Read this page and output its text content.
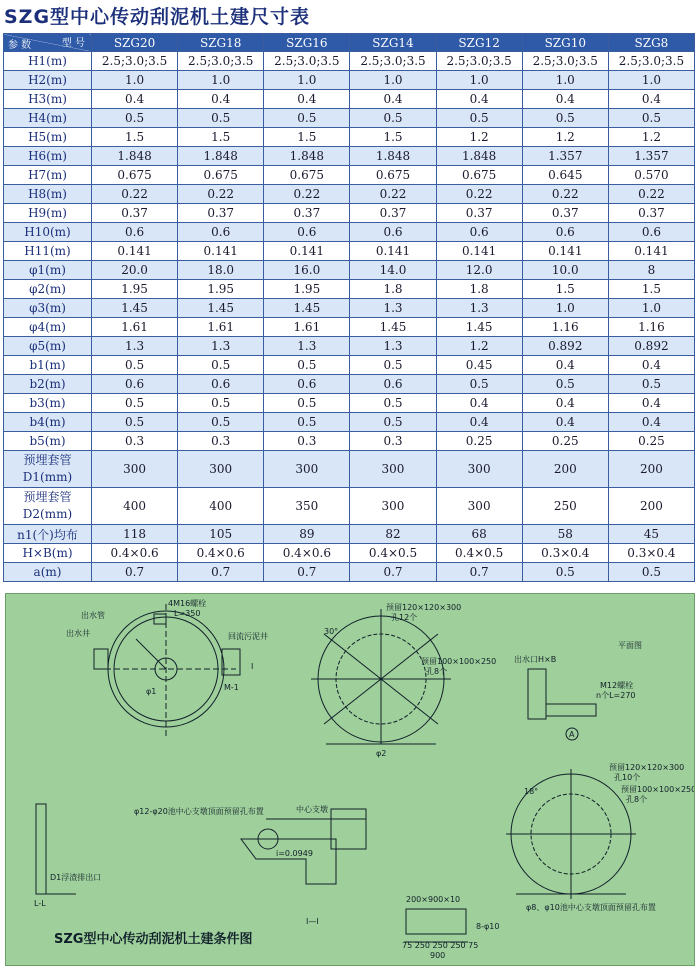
SZG型中心传动刮泥机土建尺寸表
型 号
参 数	SZG20	SZG18	SZG16	SZG14	SZG12	SZG10	SZG8
H1(m)	2.5;3.0;3.5	2.5;3.0;3.5	2.5;3.0;3.5	2.5;3.0;3.5	2.5;3.0;3.5	2.5;3.0;3.5	2.5;3.0;3.5
H2(m)	1.0	1.0	1.0	1.0	1.0	1.0	1.0
H3(m)	0.4	0.4	0.4	0.4	0.4	0.4	0.4
H4(m)	0.5	0.5	0.5	0.5	0.5	0.5	0.5
H5(m)	1.5	1.5	1.5	1.5	1.2	1.2	1.2
H6(m)	1.848	1.848	1.848	1.848	1.848	1.357	1.357
H7(m)	0.675	0.675	0.675	0.675	0.675	0.645	0.570
H8(m)	0.22	0.22	0.22	0.22	0.22	0.22	0.22
H9(m)	0.37	0.37	0.37	0.37	0.37	0.37	0.37
H10(m)	0.6	0.6	0.6	0.6	0.6	0.6	0.6
H11(m)	0.141	0.141	0.141	0.141	0.141	0.141	0.141
φ1(m)	20.0	18.0	16.0	14.0	12.0	10.0	8
φ2(m)	1.95	1.95	1.95	1.8	1.8	1.5	1.5
φ3(m)	1.45	1.45	1.45	1.3	1.3	1.0	1.0
φ4(m)	1.61	1.61	1.61	1.45	1.45	1.16	1.16
φ5(m)	1.3	1.3	1.3	1.3	1.2	0.892	0.892
b1(m)	0.5	0.5	0.5	0.5	0.45	0.4	0.4
b2(m)	0.6	0.6	0.6	0.6	0.5	0.5	0.5
b3(m)	0.5	0.5	0.5	0.5	0.4	0.4	0.4
b4(m)	0.5	0.5	0.5	0.5	0.4	0.4	0.4
b5(m)	0.3	0.3	0.3	0.3	0.25	0.25	0.25
预埋套管
D1(mm)	300	300	300	300	300	200	200
预埋套管
D2(mm)	400	400	350	300	300	250	200
n1(个)均布	118	105	89	82	68	58	45
H×B(m)	0.4×0.6	0.4×0.6	0.4×0.6	0.4×0.5	0.4×0.5	0.3×0.4	0.3×0.4
a(m)	0.7	0.7	0.7	0.7	0.7	0.5	0.5
出水管
出水井
4M16螺栓
L=350
回流污泥井
I
M-1
φ1
预留120×120×300
孔12个
预留100×100×250
孔8个
φ2
30°
平面图
出水口H×B
M12螺栓
n个L=270
A
φ12-φ20池中心支墩顶面预留孔布置	中心支墩
i=0.0949
D1浮渣排出口
L-L
I—I
预留120×120×300
孔10个
预留100×100×250
孔8个
φ8、φ10池中心支墩顶面预留孔布置
200×900×10
8-φ10
75 250 250 250 75
900
18°
SZG型中心传动刮泥机土建条件图
